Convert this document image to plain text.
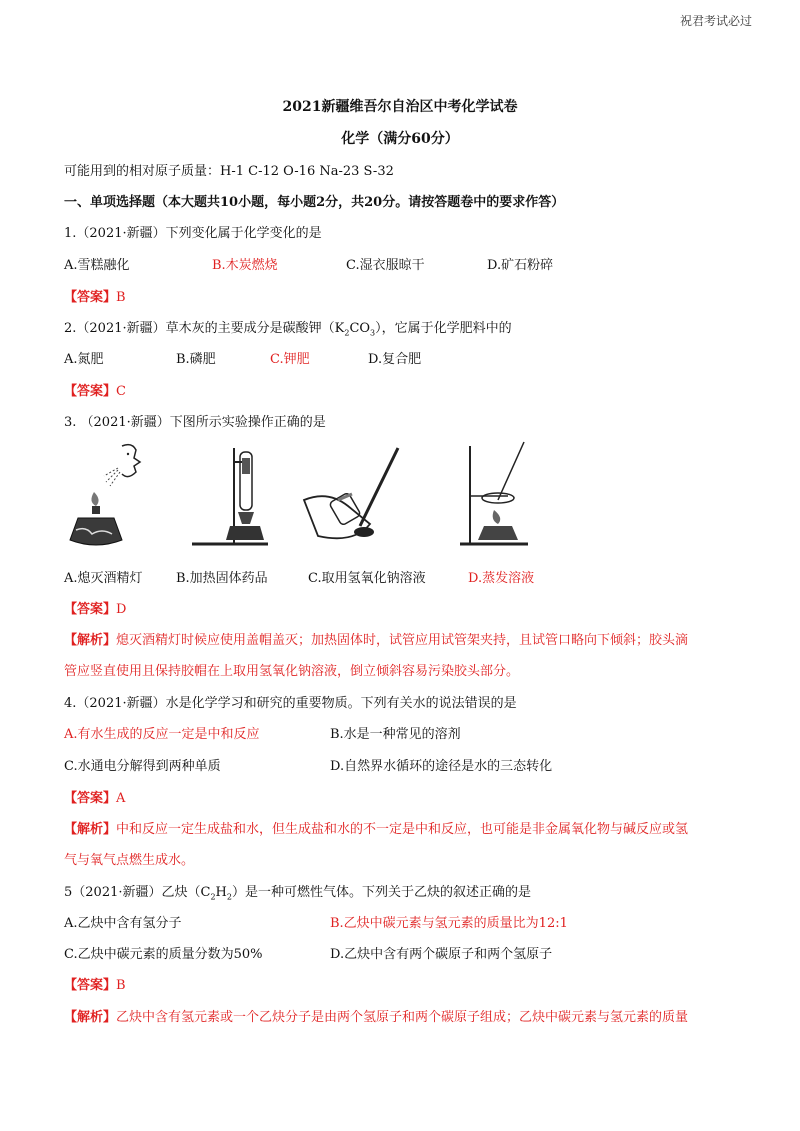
祝君考试必过
2021新疆维吾尔自治区中考化学试卷
化学（满分60分）
可能用到的相对原子质量：H-1 C-12 O-16 Na-23 S-32
一、单项选择题（本大题共10小题，每小题2分，共20分。请按答题卷中的要求作答）
1.（2021·新疆）下列变化属于化学变化的是
A.雪糕融化	B.木炭燃烧	C.湿衣服晾干	D.矿石粉碎
【答案】B
2.（2021·新疆）草木灰的主要成分是碳酸钾$(K_2CO_3)$，它属于化学肥料中的
A.氮肥	B.磷肥	C.钾肥	D.复合肥
【答案】C
3. （2021·新疆）下图所示实验操作正确的是
A.熄灭酒精灯	B.加热固体药品	C.取用氢氧化钠溶液	D.蒸发溶液
【答案】D
【解析】熄灭酒精灯时候应使用盖帽盖灭；加热固体时，试管应用试管架夹持，且试管口略向下倾斜；胶头滴
管应竖直使用且保持胶帽在上取用氢氧化钠溶液，倒立倾斜容易污染胶头部分。
4.（2021·新疆）水是化学学习和研究的重要物质。下列有关水的说法错误的是
A.有水生成的反应一定是中和反应	B.水是一种常见的溶剂
C.水通电分解得到两种单质	D.自然界水循环的途径是水的三态转化
【答案】A
【解析】中和反应一定生成盐和水，但生成盐和水的不一定是中和反应，也可能是非金属氧化物与碱反应或氢
气与氧气点燃生成水。
5（2021·新疆）乙炔$(C_2H_2)$是一种可燃性气体。下列关于乙炔的叙述正确的是
A.乙炔中含有氢分子	B.乙炔中碳元素与氢元素的质量比为12:1
C.乙炔中碳元素的质量分数为50%	D.乙炔中含有两个碳原子和两个氢原子
【答案】B
【解析】乙炔中含有氢元素或一个乙炔分子是由两个氢原子和两个碳原子组成；乙炔中碳元素与氢元素的质量
